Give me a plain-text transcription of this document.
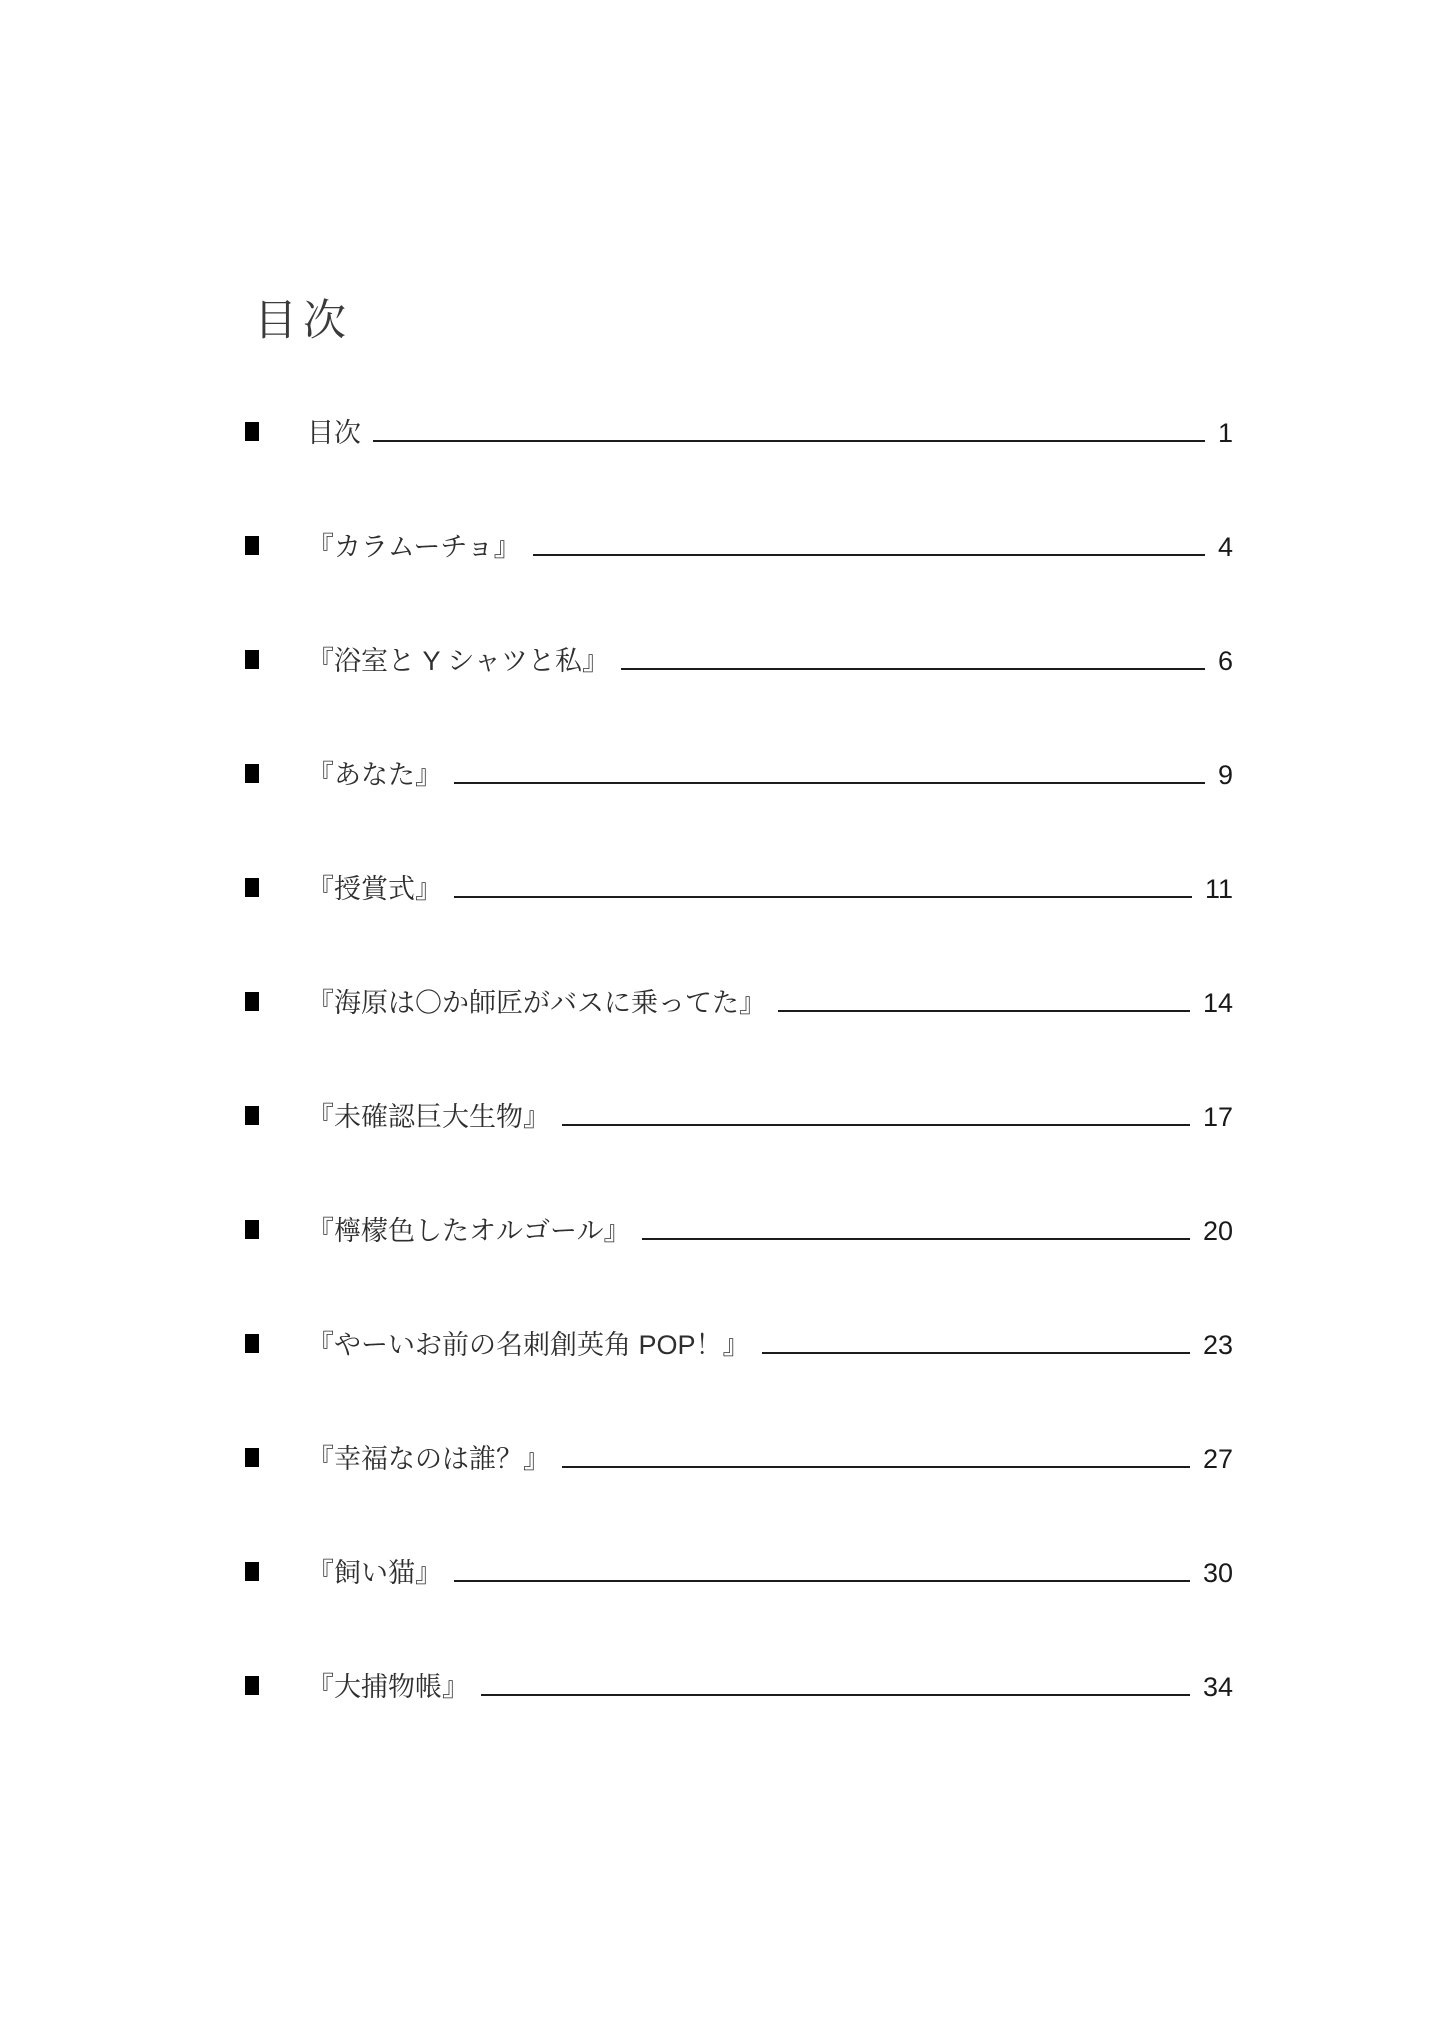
目次
目次	1
『カラムーチョ』	4
『浴室と Y シャツと私』	6
『あなた』	9
『授賞式』	11
『海原は〇か師匠がバスに乗ってた』	14
『未確認巨大生物』	17
『檸檬色したオルゴール』	20
『やーいお前の名刺創英角 POP！』	23
『幸福なのは誰？』	27
『飼い猫』	30
『大捕物帳』	34
